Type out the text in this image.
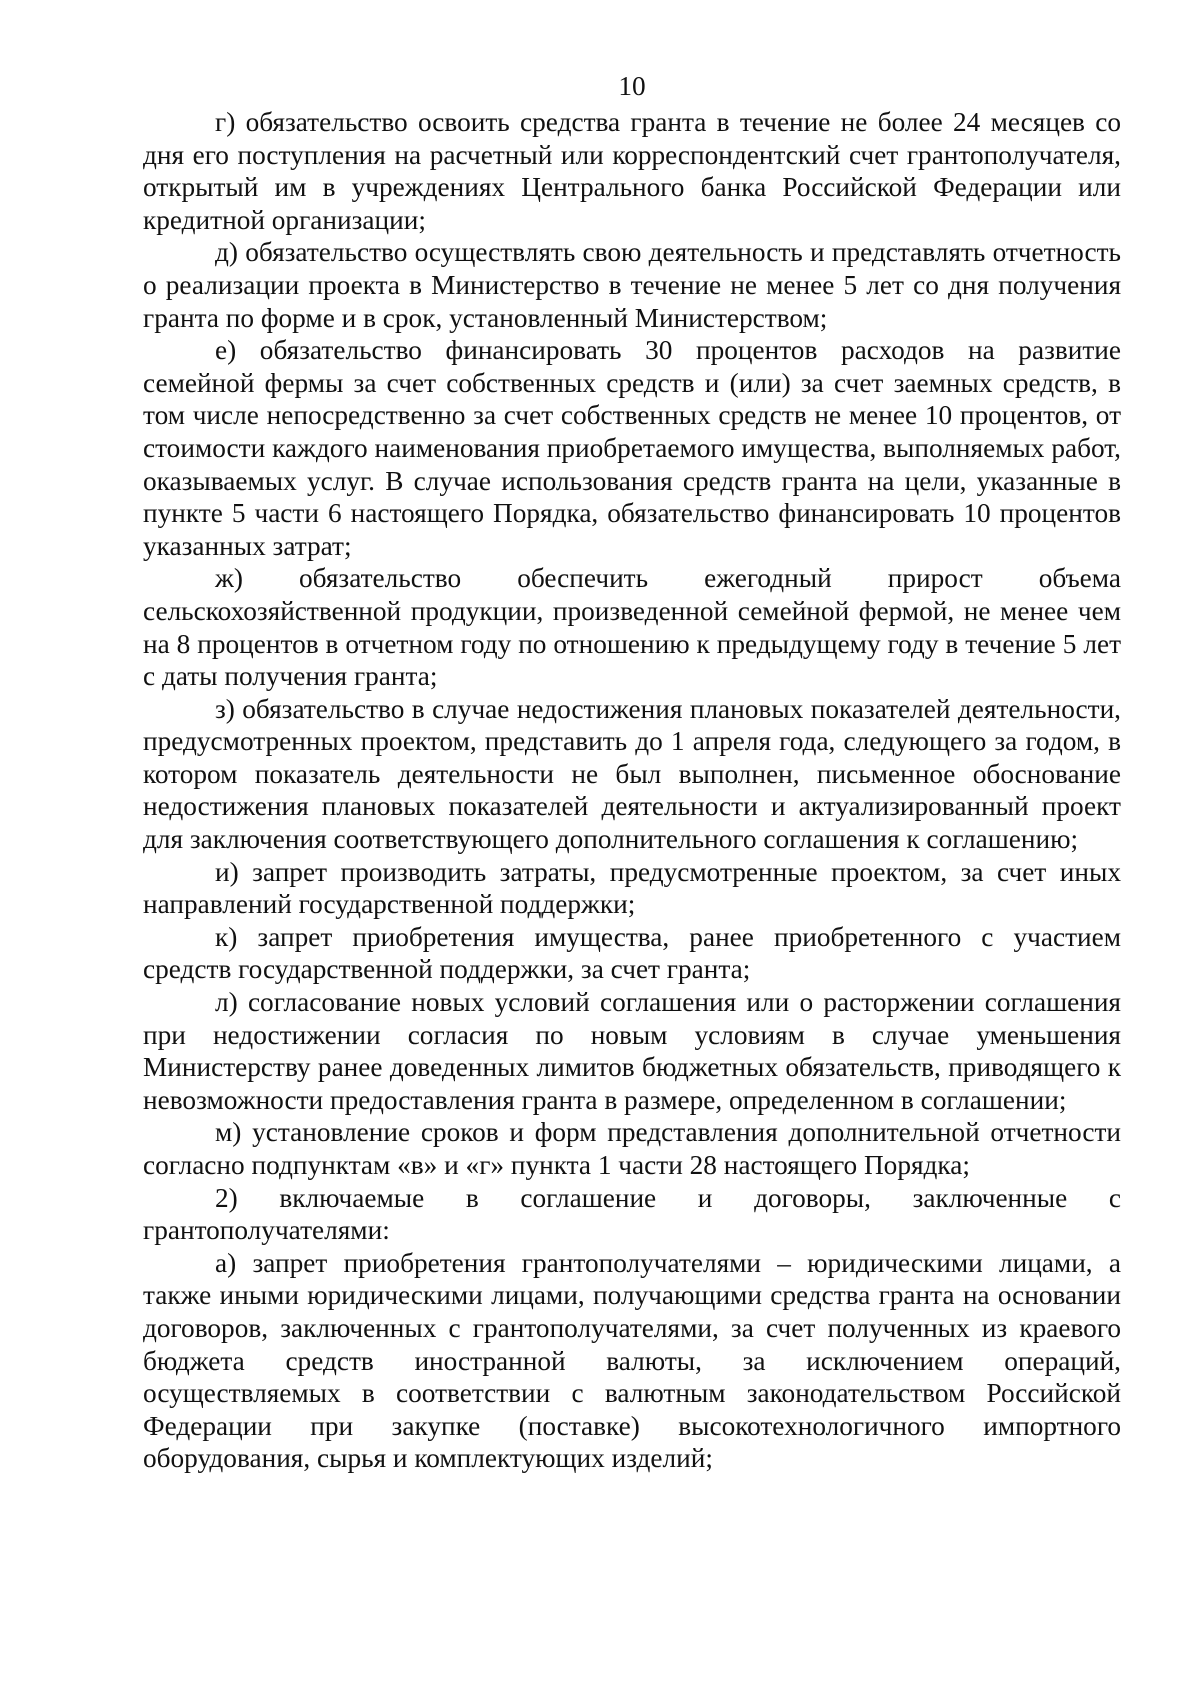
10

г) обязательство освоить средства гранта в течение не более 24 месяцев со дня его поступления на расчетный или корреспондентский счет грантополучателя, открытый им в учреждениях Центрального банка Российской Федерации или кредитной организации;

д) обязательство осуществлять свою деятельность и представлять отчетность о реализации проекта в Министерство в течение не менее 5 лет со дня получения гранта по форме и в срок, установленный Министерством;

е) обязательство финансировать 30 процентов расходов на развитие семейной фермы за счет собственных средств и (или) за счет заемных средств, в том числе непосредственно за счет собственных средств не менее 10 процентов, от стоимости каждого наименования приобретаемого имущества, выполняемых работ, оказываемых услуг. В случае использования средств гранта на цели, указанные в пункте 5 части 6 настоящего Порядка, обязательство финансировать 10 процентов указанных затрат;

ж) обязательство обеспечить ежегодный прирост объема сельскохозяйственной продукции, произведенной семейной фермой, не менее чем на 8 процентов в отчетном году по отношению к предыдущему году в течение 5 лет с даты получения гранта;

з) обязательство в случае недостижения плановых показателей деятельности, предусмотренных проектом, представить до 1 апреля года, следующего за годом, в котором показатель деятельности не был выполнен, письменное обоснование недостижения плановых показателей деятельности и актуализированный проект для заключения соответствующего дополнительного соглашения к соглашению;

и) запрет производить затраты, предусмотренные проектом, за счет иных направлений государственной поддержки;

к) запрет приобретения имущества, ранее приобретенного с участием средств государственной поддержки, за счет гранта;

л) согласование новых условий соглашения или о расторжении соглашения при недостижении согласия по новым условиям в случае уменьшения Министерству ранее доведенных лимитов бюджетных обязательств, приводящего к невозможности предоставления гранта в размере, определенном в соглашении;

м) установление сроков и форм представления дополнительной отчетности согласно подпунктам «в» и «г» пункта 1 части 28 настоящего Порядка;

2) включаемые в соглашение и договоры, заключенные с грантополучателями:

а) запрет приобретения грантополучателями – юридическими лицами, а также иными юридическими лицами, получающими средства гранта на основании договоров, заключенных с грантополучателями, за счет полученных из краевого бюджета средств иностранной валюты, за исключением операций, осуществляемых в соответствии с валютным законодательством Российской Федерации при закупке (поставке) высокотехнологичного импортного оборудования, сырья и комплектующих изделий;
